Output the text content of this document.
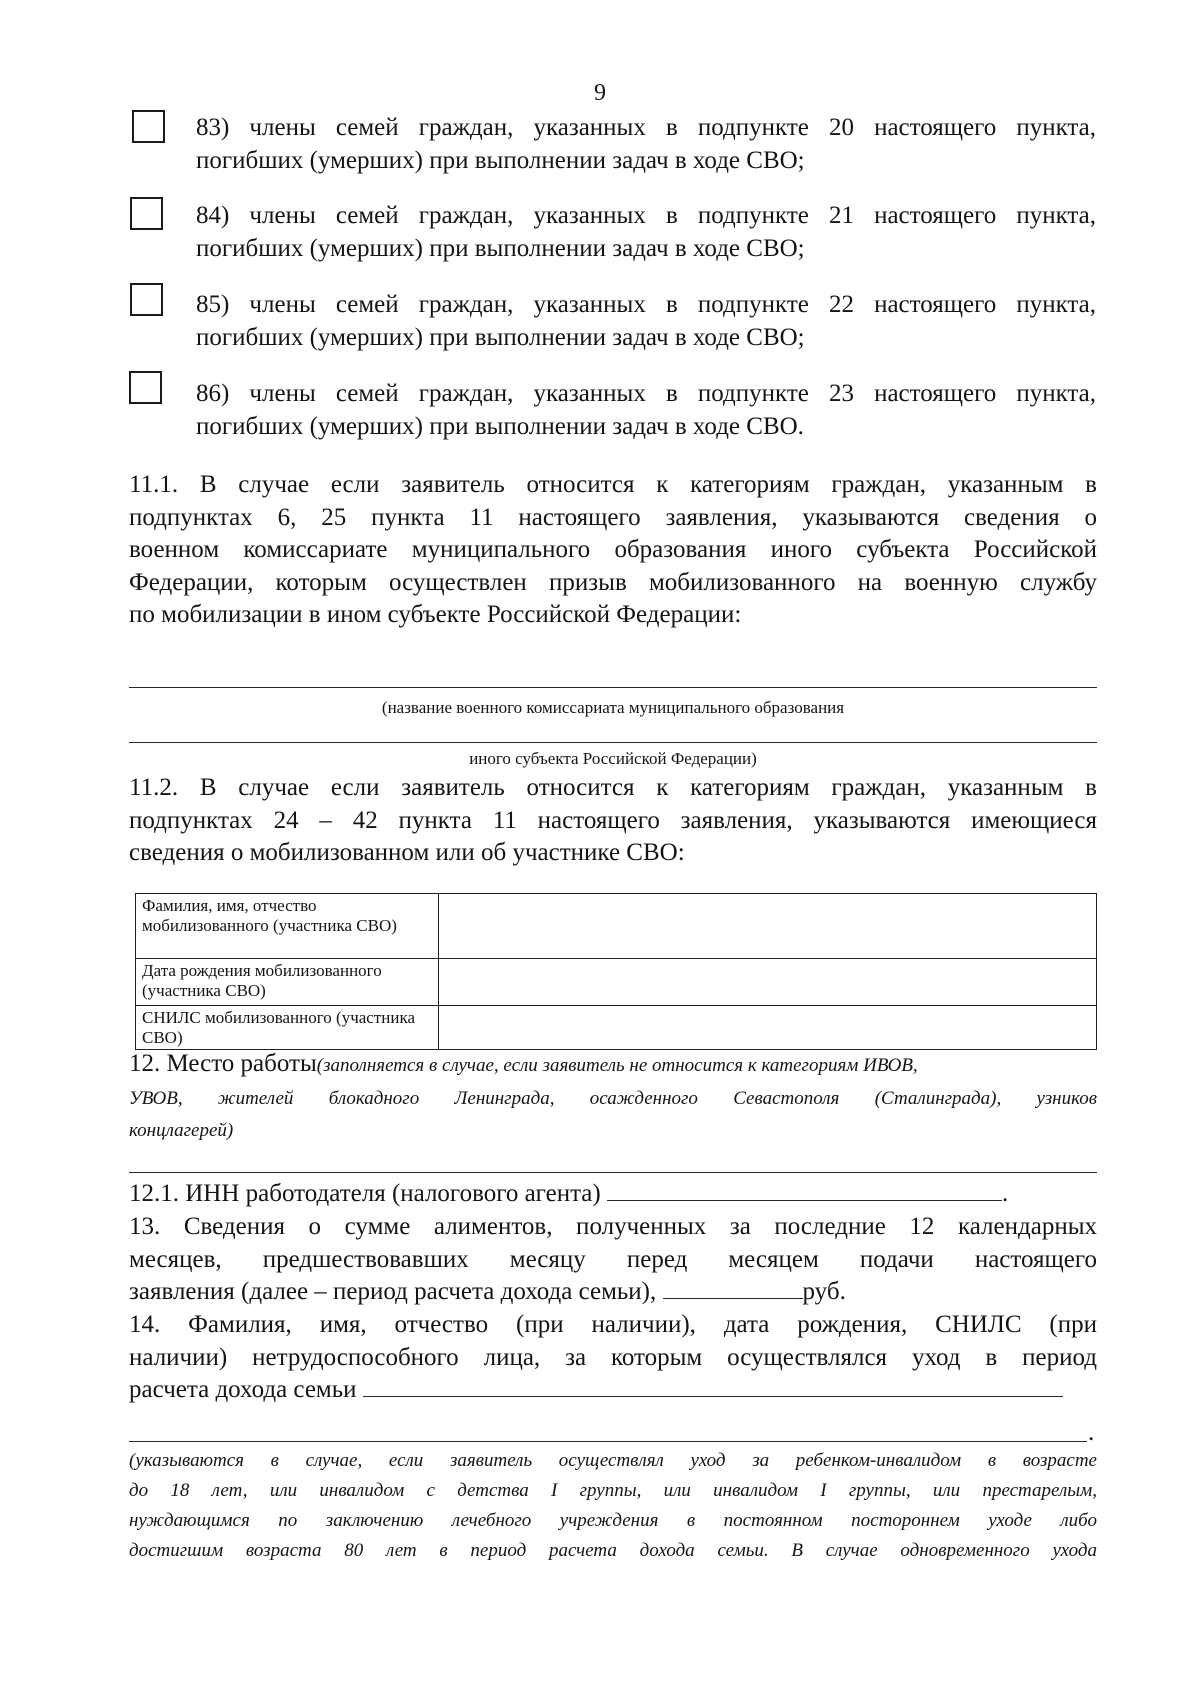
9
83) члены семей граждан, указанных в подпункте 20 настоящего пункта,
погибших (умерших) при выполнении задач в ходе СВО;
84) члены семей граждан, указанных в подпункте 21 настоящего пункта,
погибших (умерших) при выполнении задач в ходе СВО;
85) члены семей граждан, указанных в подпункте 22 настоящего пункта,
погибших (умерших) при выполнении задач в ходе СВО;
86) члены семей граждан, указанных в подпункте 23 настоящего пункта,
погибших (умерших) при выполнении задач в ходе СВО.
11.1. В случае если заявитель относится к категориям граждан, указанным в
подпунктах 6, 25 пункта 11 настоящего заявления, указываются сведения о
военном комиссариате муниципального образования иного субъекта Российской
Федерации, которым осуществлен призыв мобилизованного на военную службу
по мобилизации в ином субъекте Российской Федерации:
(название военного комиссариата муниципального образования
иного субъекта Российской Федерации)
11.2. В случае если заявитель относится к категориям граждан, указанным в
подпунктах 24 – 42 пункта 11 настоящего заявления, указываются имеющиеся
сведения о мобилизованном или об участнике СВО:
Фамилия, имя, отчество мобилизованного (участника СВО)	
Дата рождения мобилизованного (участника СВО)	
СНИЛС мобилизованного (участника СВО)	
12. Место работы(заполняется в случае, если заявитель не относится к категориям ИВОВ,
УВОВ, жителей блокадного Ленинграда, осажденного Севастополя (Сталинграда), узников
концлагерей)
12.1. ИНН работодателя (налогового агента)	.
13. Сведения о сумме алиментов, полученных за последние 12 календарных
месяцев, предшествовавших месяцу перед месяцем подачи настоящего
заявления (далее – период расчета дохода семьи),	руб.
14. Фамилия, имя, отчество (при наличии), дата рождения, СНИЛС (при
наличии) нетрудоспособного лица, за которым осуществлялся уход в период
расчета дохода семьи
.
(указываются в случае, если заявитель осуществлял уход за ребенком-инвалидом в возрасте
до 18 лет, или инвалидом с детства I группы, или инвалидом I группы, или престарелым,
нуждающимся по заключению лечебного учреждения в постоянном постороннем уходе либо
достигшим возраста 80 лет в период расчета дохода семьи. В случае одновременного ухода
